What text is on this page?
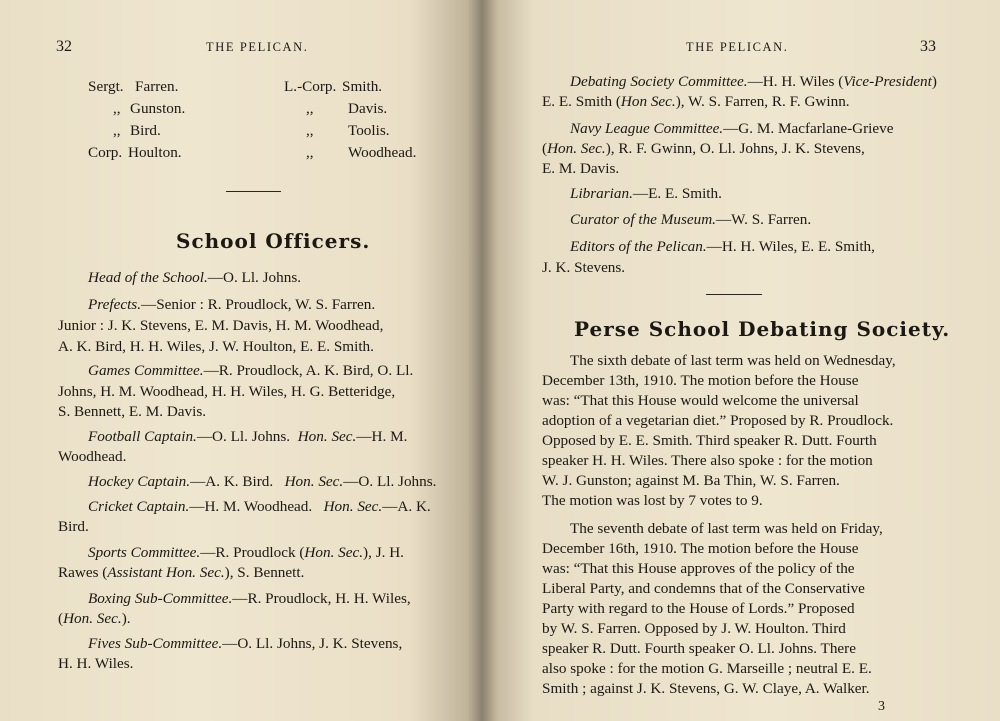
32	THE PELICAN.
Sergt. Farren.
,, Gunston.
,, Bird.
Corp. Houlton.
L.-Corp. Smith.
,, Davis.
,, Toolis.
,, Woodhead.
School Officers.
Head of the School.—O. Ll. Johns.
Prefects.—Senior : R. Proudlock, W. S. Farren.
Junior : J. K. Stevens, E. M. Davis, H. M. Woodhead,
A. K. Bird, H. H. Wiles, J. W. Houlton, E. E. Smith.
Games Committee.—R. Proudlock, A. K. Bird, O. Ll.
Johns, H. M. Woodhead, H. H. Wiles, H. G. Betteridge,
S. Bennett, E. M. Davis.
Football Captain.—O. Ll. Johns. Hon. Sec.—H. M.
Woodhead.
Hockey Captain.—A. K. Bird. Hon. Sec.—O. Ll. Johns.
Cricket Captain.—H. M. Woodhead. Hon. Sec.—A. K.
Bird.
Sports Committee.—R. Proudlock (Hon. Sec.), J. H.
Rawes (Assistant Hon. Sec.), S. Bennett.
Boxing Sub-Committee.—R. Proudlock, H. H. Wiles,
(Hon. Sec.).
Fives Sub-Committee.—O. Ll. Johns, J. K. Stevens,
H. H. Wiles.
THE PELICAN.	33
Debating Society Committee.—H. H. Wiles (Vice-President)
E. E. Smith (Hon Sec.), W. S. Farren, R. F. Gwinn.
Navy League Committee.—G. M. Macfarlane-Grieve
(Hon. Sec.), R. F. Gwinn, O. Ll. Johns, J. K. Stevens,
E. M. Davis.
Librarian.—E. E. Smith.
Curator of the Museum.—W. S. Farren.
Editors of the Pelican.—H. H. Wiles, E. E. Smith,
J. K. Stevens.
Perse School Debating Society.
The sixth debate of last term was held on Wednesday,
December 13th, 1910. The motion before the House
was: “That this House would welcome the universal
adoption of a vegetarian diet.” Proposed by R. Proudlock.
Opposed by E. E. Smith. Third speaker R. Dutt. Fourth
speaker H. H. Wiles. There also spoke : for the motion
W. J. Gunston; against M. Ba Thin, W. S. Farren.
The motion was lost by 7 votes to 9.
The seventh debate of last term was held on Friday,
December 16th, 1910. The motion before the House
was: “That this House approves of the policy of the
Liberal Party, and condemns that of the Conservative
Party with regard to the House of Lords.” Proposed
by W. S. Farren. Opposed by J. W. Houlton. Third
speaker R. Dutt. Fourth speaker O. Ll. Johns. There
also spoke : for the motion G. Marseille ; neutral E. E.
Smith ; against J. K. Stevens, G. W. Claye, A. Walker.
3
